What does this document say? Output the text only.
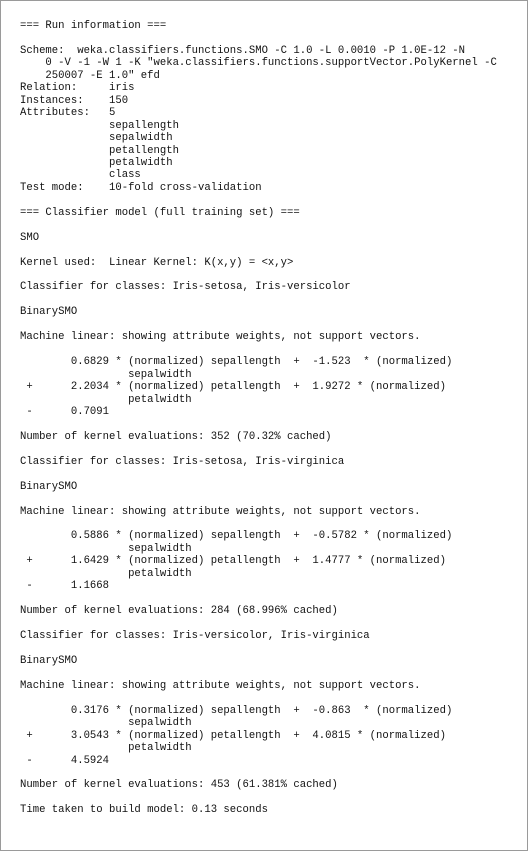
=== Run information ===
Scheme:  weka.classifiers.functions.SMO -C 1.0 -L 0.0010 -P 1.0E-12 -N
0 -V -1 -W 1 -K "weka.classifiers.functions.supportVector.PolyKernel -C
250007 -E 1.0" efd
Relation:     iris
Instances:    150
Attributes:   5
sepallength
sepalwidth
petallength
petalwidth
class
Test mode:    10-fold cross-validation
=== Classifier model (full training set) ===
SMO
Kernel used:  Linear Kernel: K(x,y) = <x,y>
Classifier for classes: Iris-setosa, Iris-versicolor
BinarySMO
Machine linear: showing attribute weights, not support vectors.
0.6829 * (normalized) sepallength  +  -1.523  * (normalized)
sepalwidth
+      2.2034 * (normalized) petallength  +  1.9272 * (normalized)
petalwidth
-      0.7091
Number of kernel evaluations: 352 (70.32% cached)
Classifier for classes: Iris-setosa, Iris-virginica
BinarySMO
Machine linear: showing attribute weights, not support vectors.
0.5886 * (normalized) sepallength  +  -0.5782 * (normalized)
sepalwidth
+      1.6429 * (normalized) petallength  +  1.4777 * (normalized)
petalwidth
-      1.1668
Number of kernel evaluations: 284 (68.996% cached)
Classifier for classes: Iris-versicolor, Iris-virginica
BinarySMO
Machine linear: showing attribute weights, not support vectors.
0.3176 * (normalized) sepallength  +  -0.863  * (normalized)
sepalwidth
+      3.0543 * (normalized) petallength  +  4.0815 * (normalized)
petalwidth
-      4.5924
Number of kernel evaluations: 453 (61.381% cached)
Time taken to build model: 0.13 seconds
